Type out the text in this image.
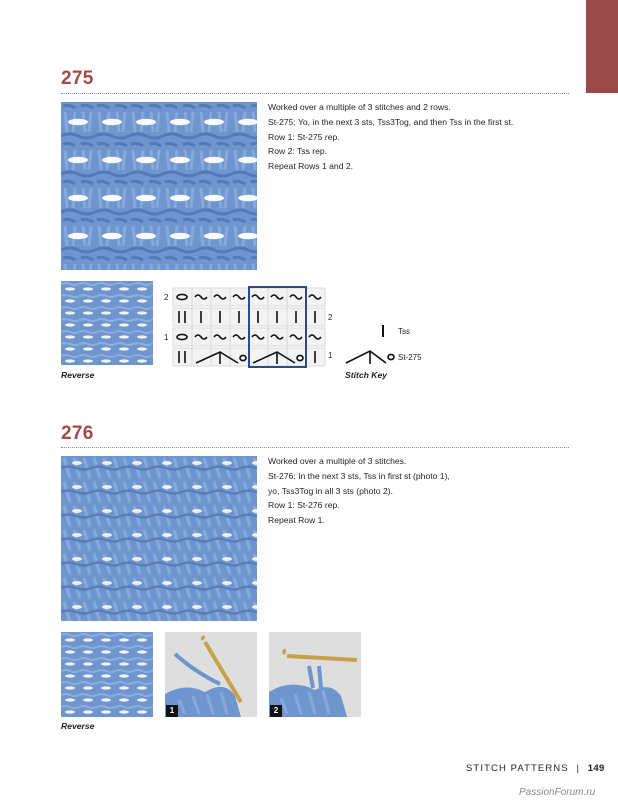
275
Worked over a multiple of 3 stitches and 2 rows.
St-275: Yo, in the next 3 sts, Tss3Tog, and then Tss in the first st.
Row 1: St-275 rep.
Row 2: Tss rep.
Repeat Rows 1 and 2.
Reverse
2
1
2
1
Tss
St-275
Stitch Key
276
Worked over a multiple of 3 stitches.
St-276: In the next 3 sts, Tss in first st (photo 1),
yo, Tss3Tog in all 3 sts (photo 2).
Row 1: St-276 rep.
Repeat Row 1.
Reverse
1	2
STITCH PATTERNS | 149
PassionForum.ru
